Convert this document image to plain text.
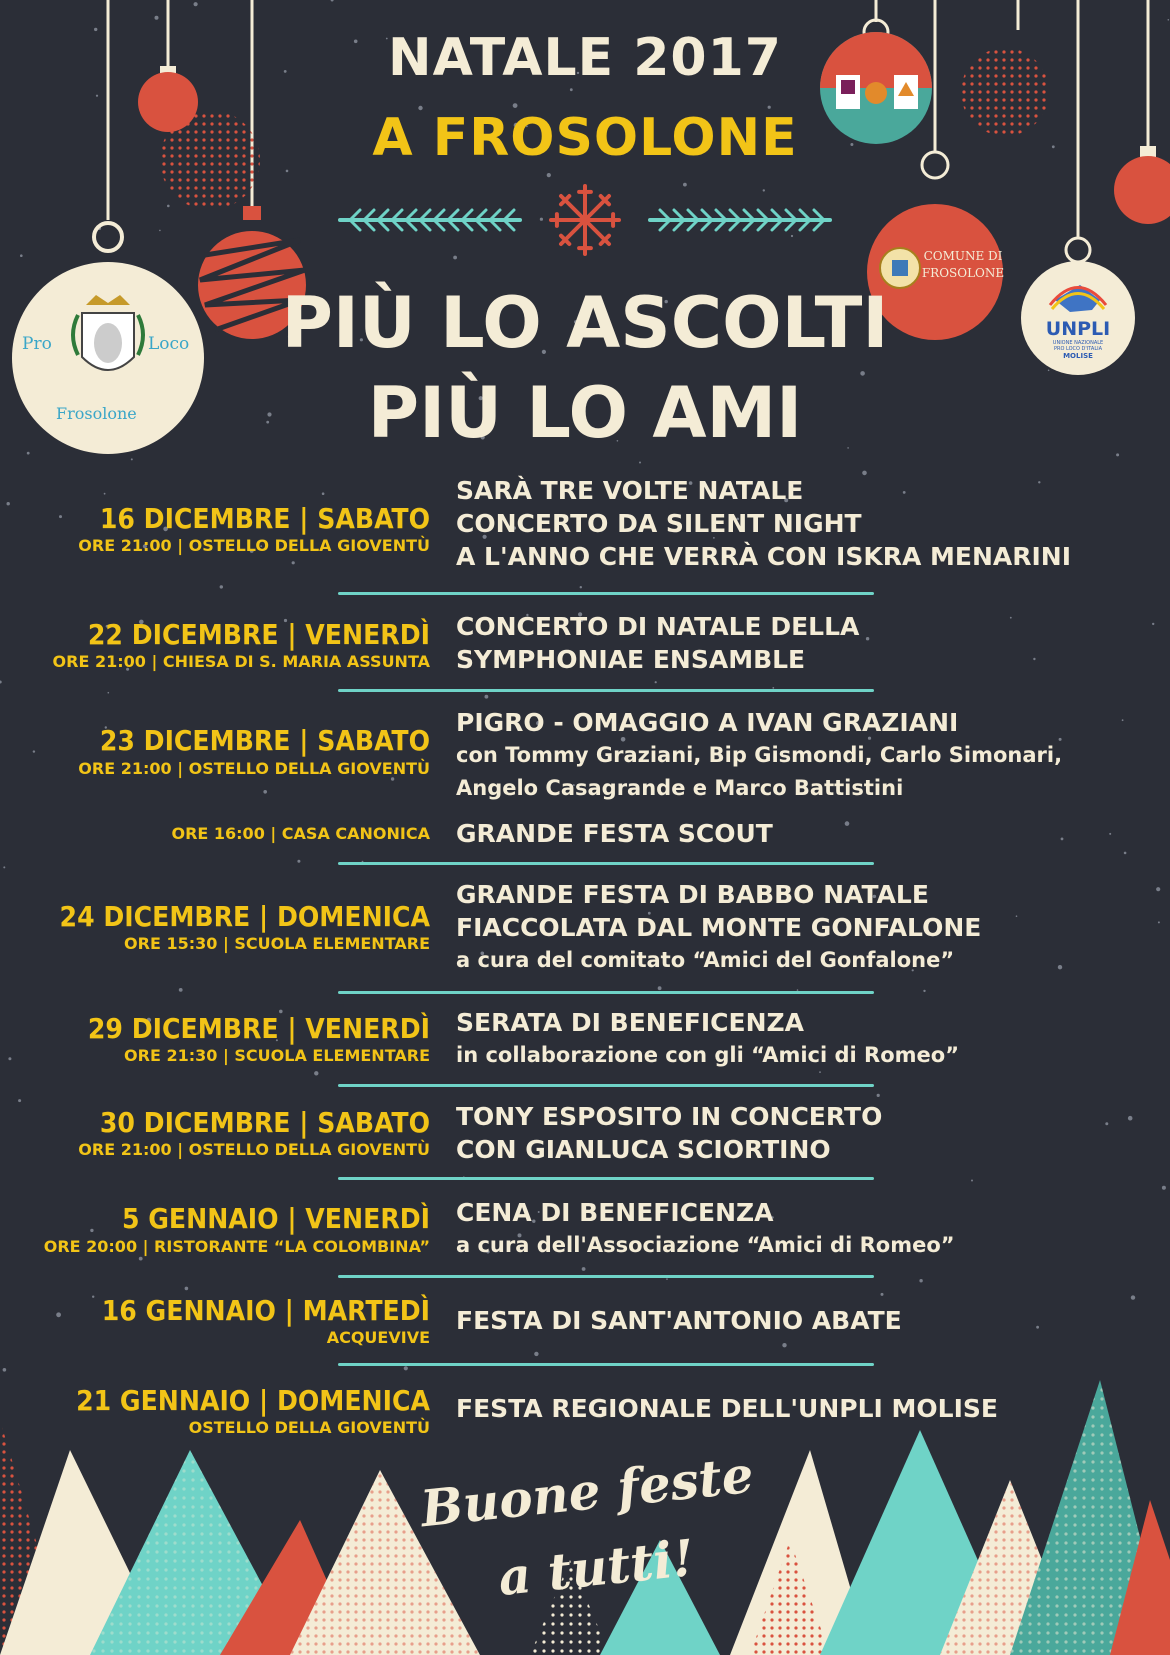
Pro	Loco
Frosolone
COMUNE DI
FROSOLONE
UNPLI
UNIONE NAZIONALE
PRO LOCO D'ITALIA
MOLISE
NATALE 2017
A FROSOLONE
PIÙ LO ASCOLTI
PIÙ LO AMI
16 DICEMBRE | SABATO
ORE 21:00 | OSTELLO DELLA GIOVENTÙ
SARÀ TRE VOLTE NATALE
CONCERTO DA SILENT NIGHT
A L'ANNO CHE VERRÀ CON ISKRA MENARINI
22 DICEMBRE | VENERDÌ
ORE 21:00 | CHIESA DI S. MARIA ASSUNTA
CONCERTO DI NATALE DELLA
SYMPHONIAE ENSAMBLE
23 DICEMBRE | SABATO
ORE 21:00 | OSTELLO DELLA GIOVENTÙ
PIGRO - OMAGGIO A IVAN GRAZIANI
con Tommy Graziani, Bip Gismondi, Carlo Simonari,
Angelo Casagrande e Marco Battistini
ORE 16:00 | CASA CANONICA GRANDE FESTA SCOUT
24 DICEMBRE | DOMENICA
ORE 15:30 | SCUOLA ELEMENTARE
GRANDE FESTA DI BABBO NATALE
FIACCOLATA DAL MONTE GONFALONE
a cura del comitato “Amici del Gonfalone”
29 DICEMBRE | VENERDÌ
ORE 21:30 | SCUOLA ELEMENTARE
SERATA DI BENEFICENZA
in collaborazione con gli “Amici di Romeo”
30 DICEMBRE | SABATO
ORE 21:00 | OSTELLO DELLA GIOVENTÙ
TONY ESPOSITO IN CONCERTO
CON GIANLUCA SCIORTINO
5 GENNAIO | VENERDÌ
ORE 20:00 | RISTORANTE “LA COLOMBINA”
CENA DI BENEFICENZA
a cura dell'Associazione “Amici di Romeo”
16 GENNAIO | MARTEDÌ
ACQUEVIVE
FESTA DI SANT'ANTONIO ABATE
21 GENNAIO | DOMENICA
OSTELLO DELLA GIOVENTÙ
FESTA REGIONALE DELL'UNPLI MOLISE
Buone feste
a tutti!
